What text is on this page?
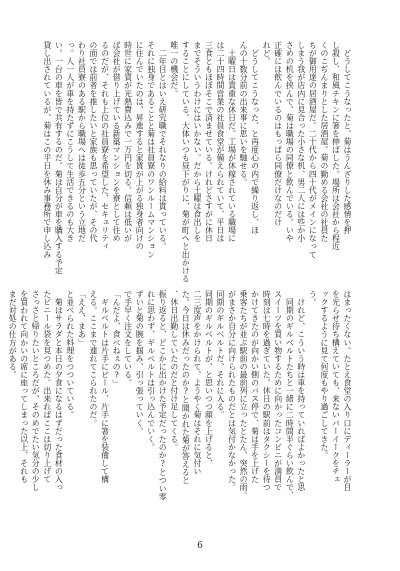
　どうしてこうなったと、菊はうんざりした感情を押
し殺し、和風チキンに箸を伸ばした。場所は会社から程近
くのこぢんまりとした居酒屋。菊の勤める会社の社員た
ちが御用達の居酒屋だ。二十代から四十代がメインになって
しまう我が店内に見合った小さな机、男二人には些か小
さめの机を挟んで、菊は職場の同僚と飲んでいる。いや
正確には飲んでいるのはもっぱら同僚だけなのだけ
れど。
　どうしてこうなった、と再度心の内で繰り返し、ほ
んの十数分前の出来事に思いを馳せる。
　土曜日は貴重な休日だ。工場が休稼されている職場に
は二十四時間営業の社員食堂が備えられていて、平日は
三食ともほぼそこで済ませている。けれどさすがに休日
までそういうわけにはいかない。だから土曜は食出しを
することにしている。大体いつも昼下がりに、菊が町へと出かける
唯一の機会だ。
　二年目とはいえ研究職でそれなりの給料は貰っている。
それに独身であることと菊は社員寮のワンルームマンション
に住んでいたのは、昇進すると家賃が上がる独身者向けの
時世に家賃が光熱費込みで一万円を切る。信頼は低いが
ば会社が借り上げている新築マンションを寮として住め
るのだが、それも上位の社員寮を希望した、セキュリティ
の面では前者を推したいと家族も思っていたが、その代
わり社員寮のある駅から職場へは徒歩五分という立地だ
っ。人一人が車を持たずにこうして生活できるのも大き
い。一台の車を皆で共有するのだ。菊は自分が車を購入する予定
貸し出されているが、菊はこの平日を休み事務所で申し込み
はまったくない。たとえ食堂の入り口にディーラーが目
を光らせ待ち構えていても、来ないバーイークをチェ
ックするように見て何度もやり過ごしてきた。
う。
　けれど、こういう時は車を持っていればよかったと思
　同期のギルベルトたちと一緒に二時間半ぐらい飲んで、
スイーツを買い物するために向かったコンビニが満員で
時刻は七時を過ぎていた。休日の駅前はタクシーを待つ
かけてきたのが向かい側のバス停で、菊は手を上げた
乗客たちが並ぶ駅前の最前列に立ったとたん、突然の雨。
がまさか自分に向けられたものだとは気付かなかった。
同期のギルベルトだ、それに入る。
同期のギルベルトが、と思いつつ顔を上げると、
二三度声をかけられて、ようやく菊はそれに気付い
た。今日は休みだったのか?と聞かれた菊が答えると
、休日出勤していたのだと付け足してくる。
振り返ると、どこかに出かけた予定だったのか?とつい零
れに思わず、ギルベルトは引っ込んでいく。
ずいと菊の腕を掴み、引っ張っていく。
で手早く注文をしている。
「んだよ、食べねぇの?」
　ギルベルトは片手にビール、片手に箸を装備して構
える。ここまで連れてこられたのだ。
「ええ、まあ」
と並べられた料理をつついている。
　菊はサラダと本日の夕食になるはずだった食材の入っ
たビニール袋を見つめた。出来ればここは切り上げて
さっさと帰りたいところだが、そのめでたい気分の少し
を買われて向かいの席に座ってしまった以上、それも
まだ対処の仕方がある。
6
